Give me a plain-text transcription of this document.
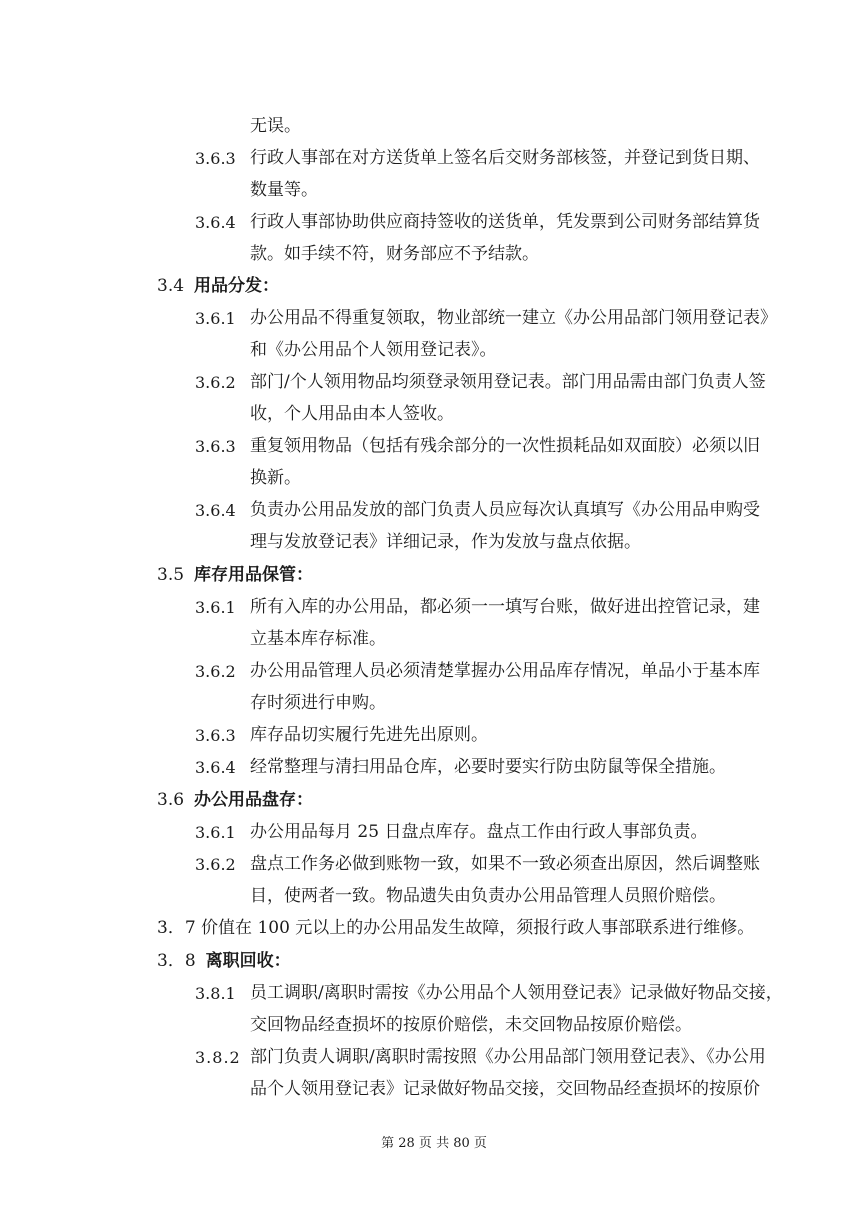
无误。
3.6.3 行政人事部在对方送货单上签名后交财务部核签，并登记到货日期、
数量等。
3.6.4 行政人事部协助供应商持签收的送货单，凭发票到公司财务部结算货
款。如手续不符，财务部应不予结款。
3.4 用品分发：
3.6.1 办公用品不得重复领取，物业部统一建立《办公用品部门领用登记表》
和《办公用品个人领用登记表》。
3.6.2 部门/个人领用物品均须登录领用登记表。部门用品需由部门负责人签
收，个人用品由本人签收。
3.6.3 重复领用物品（包括有残余部分的一次性损耗品如双面胶）必须以旧
换新。
3.6.4 负责办公用品发放的部门负责人员应每次认真填写《办公用品申购受
理与发放登记表》详细记录，作为发放与盘点依据。
3.5 库存用品保管：
3.6.1 所有入库的办公用品，都必须一一填写台账，做好进出控管记录，建
立基本库存标准。
3.6.2 办公用品管理人员必须清楚掌握办公用品库存情况，单品小于基本库
存时须进行申购。
3.6.3 库存品切实履行先进先出原则。
3.6.4 经常整理与清扫用品仓库，必要时要实行防虫防鼠等保全措施。
3.6 办公用品盘存：
3.6.1 办公用品每月 25 日盘点库存。盘点工作由行政人事部负责。
3.6.2 盘点工作务必做到账物一致，如果不一致必须查出原因，然后调整账
目，使两者一致。物品遗失由负责办公用品管理人员照价赔偿。
3．7 价值在 100 元以上的办公用品发生故障，须报行政人事部联系进行维修。
3．8 离职回收：
3.8.1 员工调职/离职时需按《办公用品个人领用登记表》记录做好物品交接，
交回物品经查损坏的按原价赔偿，未交回物品按原价赔偿。
3.8.2 部门负责人调职/离职时需按照《办公用品部门领用登记表》、《办公用
品个人领用登记表》记录做好物品交接，交回物品经查损坏的按原价
第 28 页 共 80 页
